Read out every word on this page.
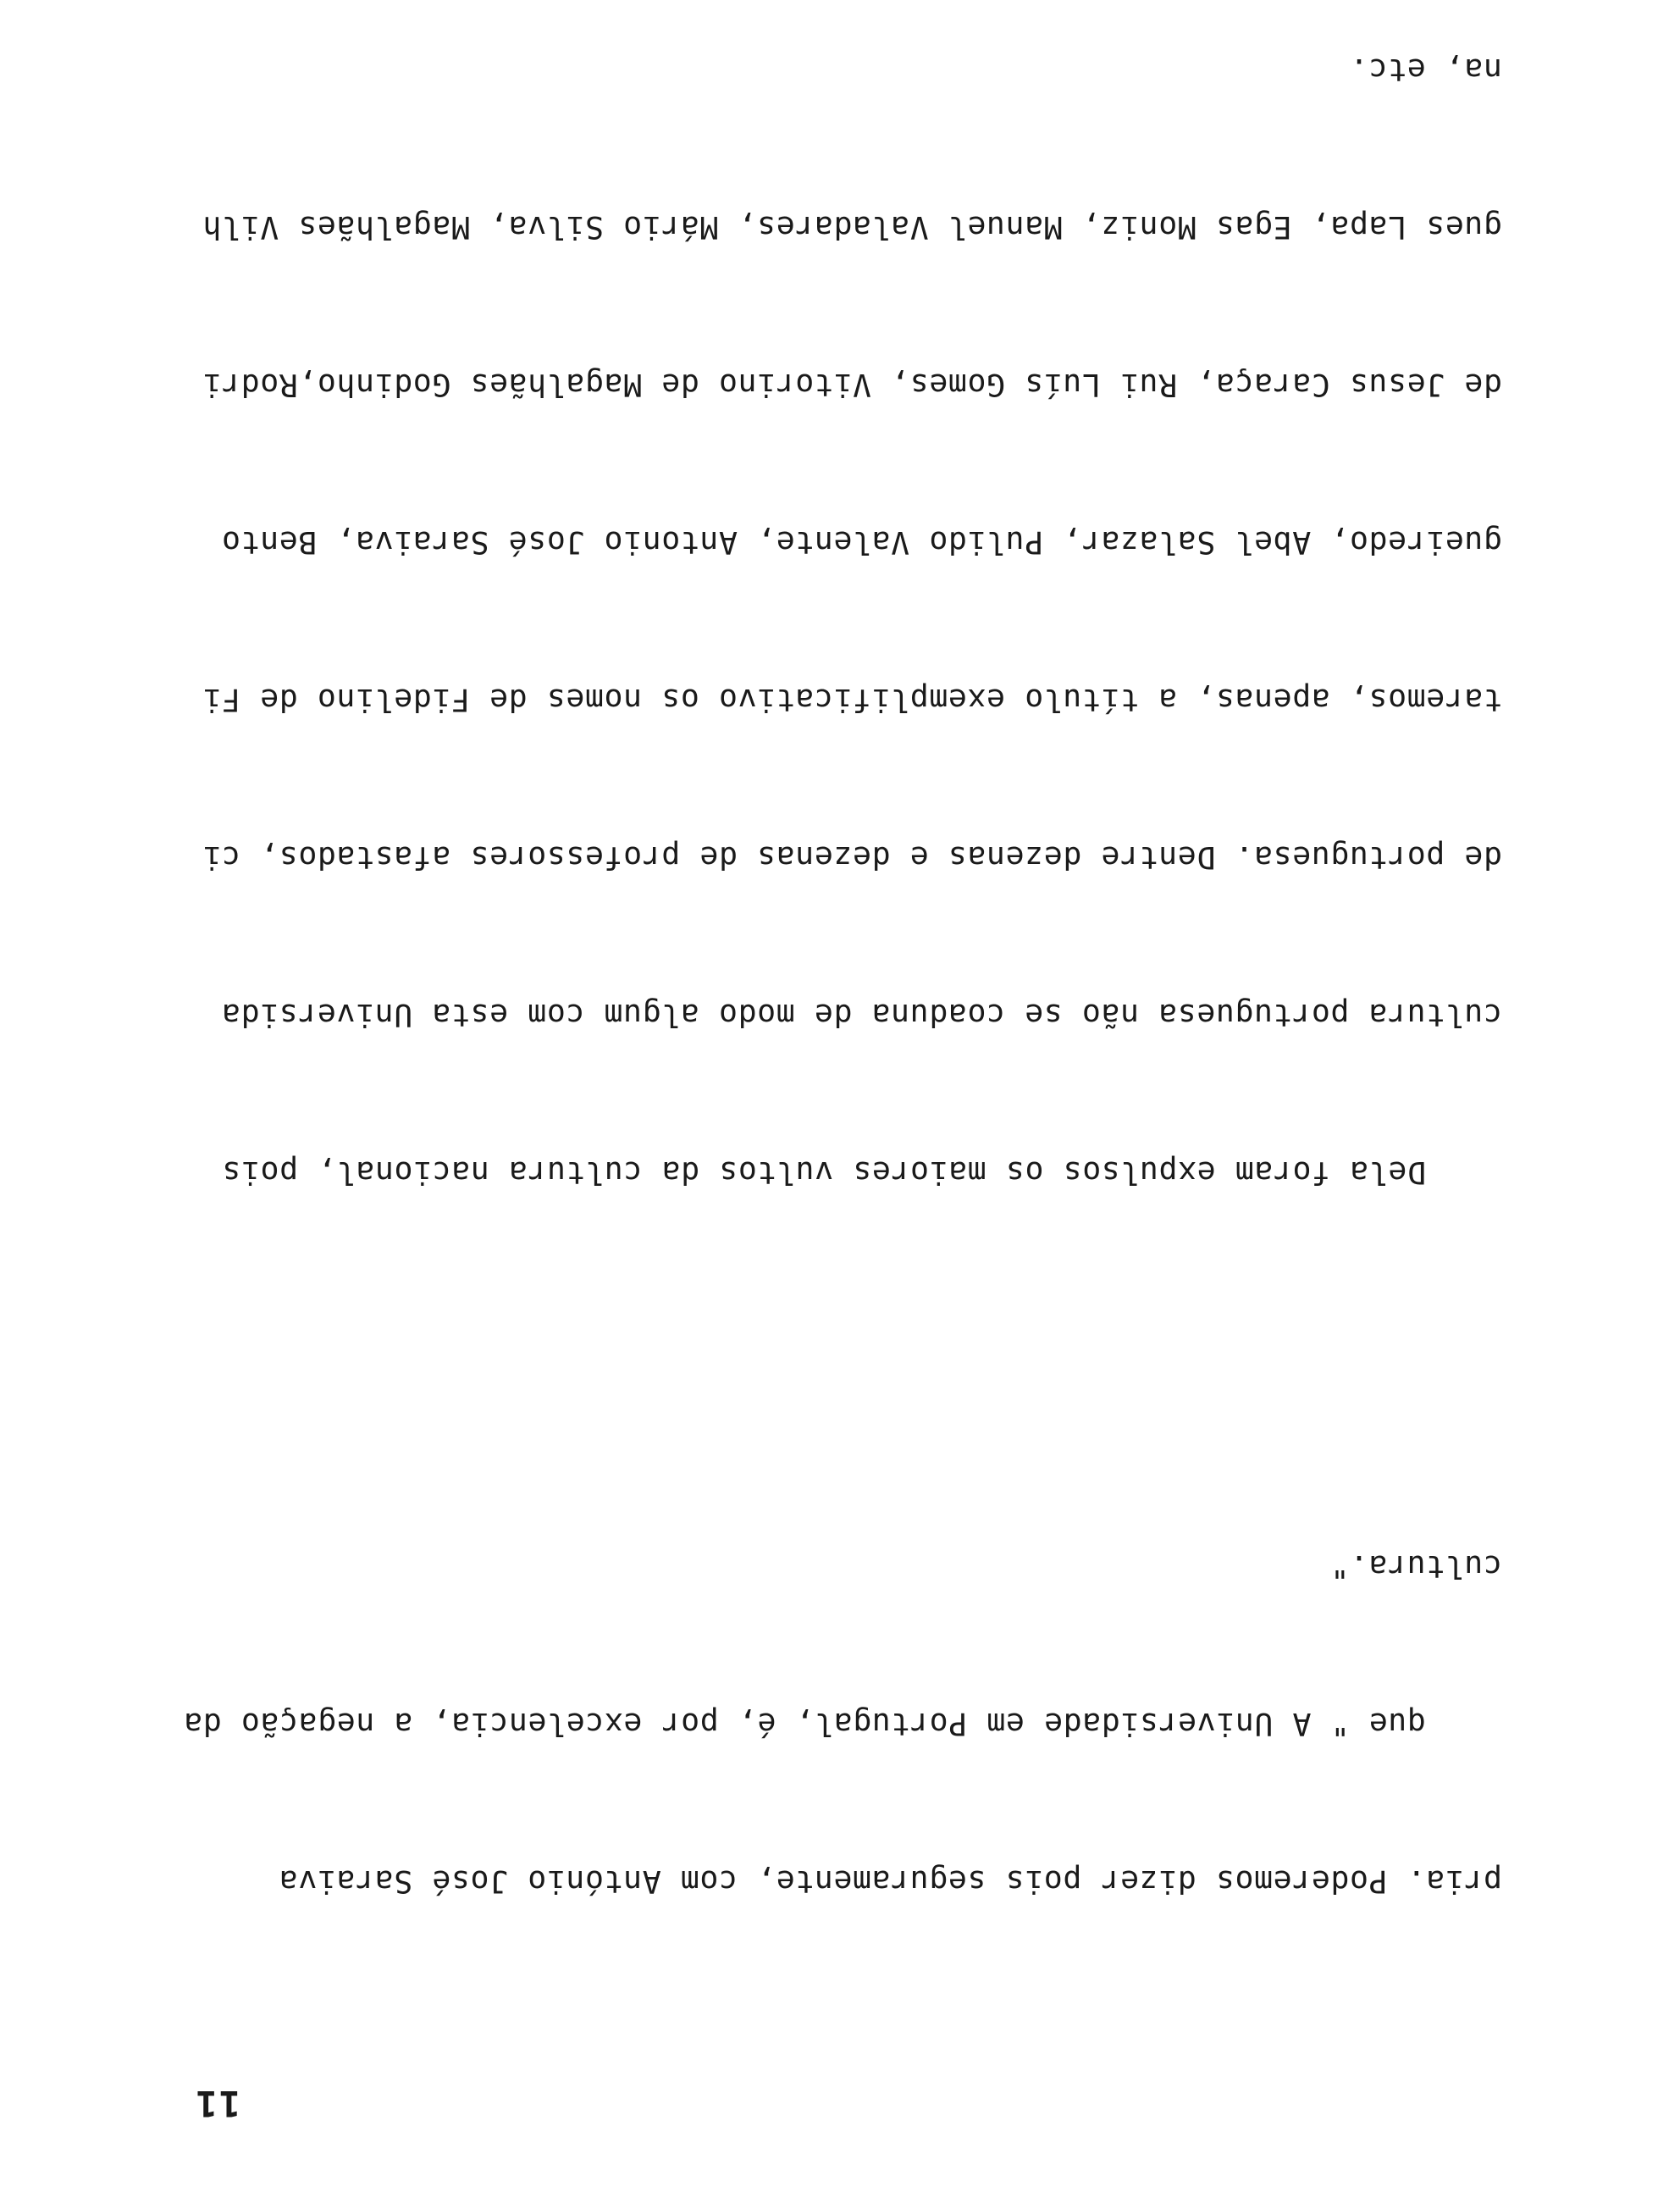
11

pria. Poderemos dizer pois seguramente, com António José Saraiva

que " A Universidade em Portugal, é, por excelencia, a negação da

cultura."

Dela foram expulsos os maiores vultos da cultura nacional, pois

cultura portuguesa não se coaduna de modo algum com esta Universida

de portuguesa. Dentre dezenas e dezenas de professores afastados, ci

taremos, apenas, a título exemplificativo os nomes de Fidelino de Fi

gueiredo, Abel Salazar, Pulido Valente, Antonio José Saraiva, Bento

de Jesus Caraça, Rui Luís Gomes, Vitorino de Magalhães Godinho,Rodri

gues Lapa, Egas Moniz, Manuel Valadares, Mário Silva, Magalhães Vilh

na, etc.
